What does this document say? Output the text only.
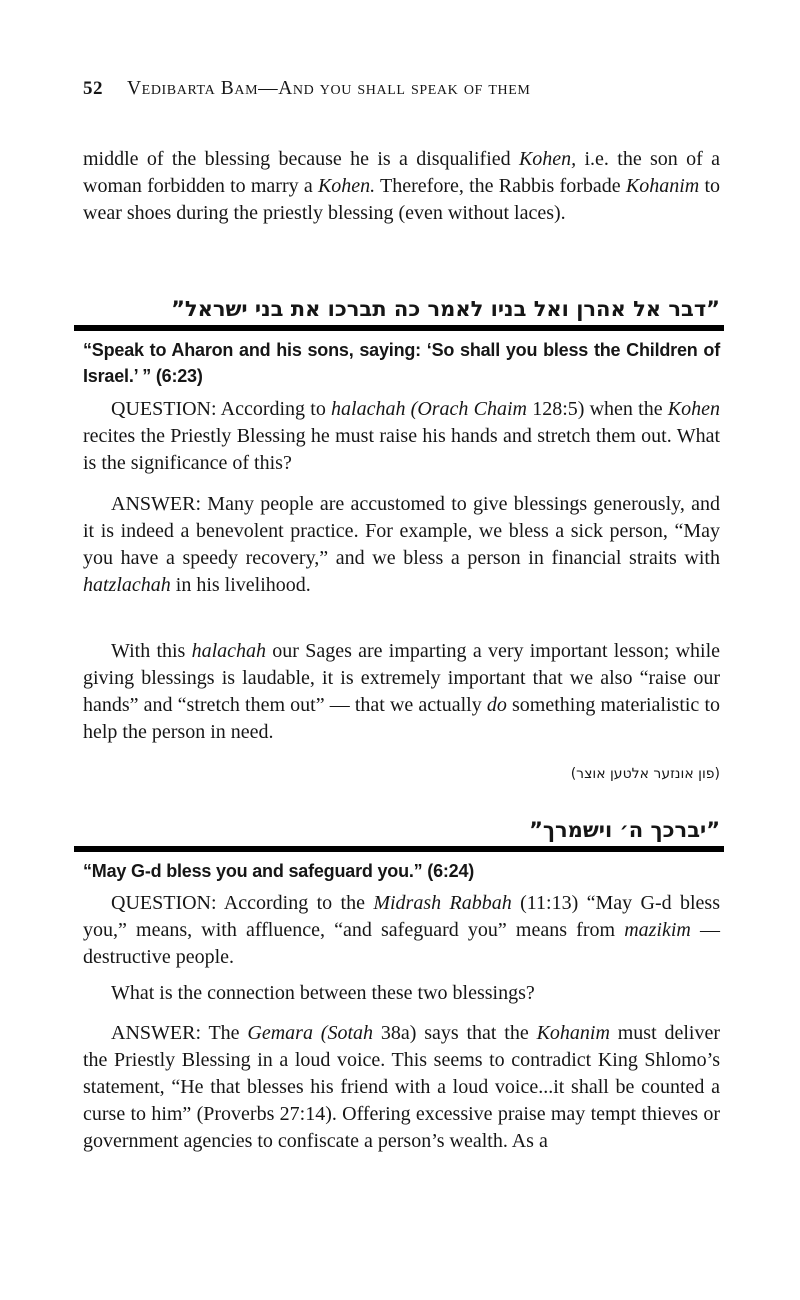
52 Vedibarta Bam—And you shall speak of them

middle of the blessing because he is a disqualified Kohen, i.e. the son of a woman forbidden to marry a Kohen. Therefore, the Rabbis forbade Kohanim to wear shoes during the priestly blessing (even without laces).

”דבר אל אהרן ואל בניו לאמר כה תברכו את בני ישראל”
“Speak to Aharon and his sons, saying: ‘So shall you bless the Children of Israel.’ ” (6:23)

QUESTION: According to halachah (Orach Chaim 128:5) when the Kohen recites the Priestly Blessing he must raise his hands and stretch them out. What is the significance of this?

ANSWER: Many people are accustomed to give blessings generously, and it is indeed a benevolent practice. For example, we bless a sick person, “May you have a speedy recovery,” and we bless a person in financial straits with hatzlachah in his livelihood.

With this halachah our Sages are imparting a very important lesson; while giving blessings is laudable, it is extremely important that we also “raise our hands” and “stretch them out” — that we actually do something materialistic to help the person in need.

(פון אונזער אלטען אוצר)
”יברכך ה׳ וישמרך”
“May G-d bless you and safeguard you.” (6:24)

QUESTION: According to the Midrash Rabbah (11:13) “May G-d bless you,” means, with affluence, “and safeguard you” means from mazikim — destructive people.

What is the connection between these two blessings?

ANSWER: The Gemara (Sotah 38a) says that the Kohanim must deliver the Priestly Blessing in a loud voice. This seems to contradict King Shlomo’s statement, “He that blesses his friend with a loud voice...it shall be counted a curse to him” (Proverbs 27:14). Offering excessive praise may tempt thieves or government agencies to confiscate a person’s wealth. As a
